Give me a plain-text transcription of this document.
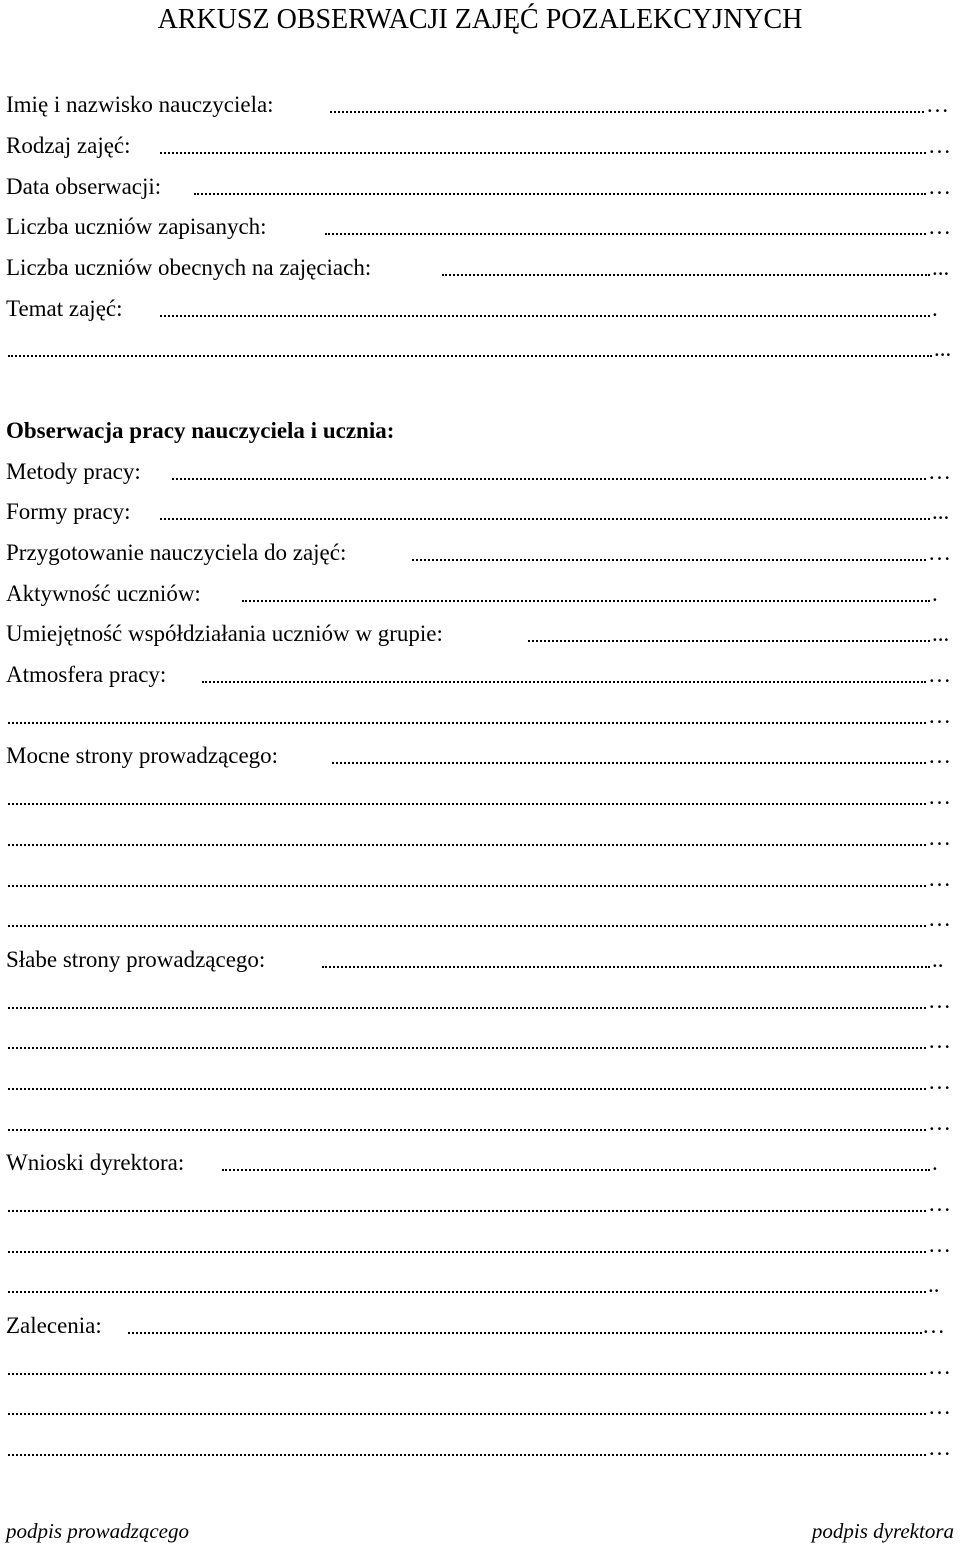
ARKUSZ OBSERWACJI ZAJĘĆ POZALEKCYJNYCH
Imię i nazwisko nauczyciela:	…
Rodzaj zajęć:	…
Data obserwacji:	…
Liczba uczniów zapisanych:	…
Liczba uczniów obecnych na zajęciach:	...
Temat zajęć:	.
...
Obserwacja pracy nauczyciela i ucznia:
Metody pracy:	…
Formy pracy:	...
Przygotowanie nauczyciela do zajęć:	…
Aktywność uczniów:	.
Umiejętność współdziałania uczniów w grupie:	...
Atmosfera pracy:	…
…
Mocne strony prowadzącego:	…
…
…
…
…
Słabe strony prowadzącego:	..
…
…
…
…
Wnioski dyrektora:	.
…
…
..
Zalecenia:	…
…
…
…
podpis prowadzącego	podpis dyrektora
